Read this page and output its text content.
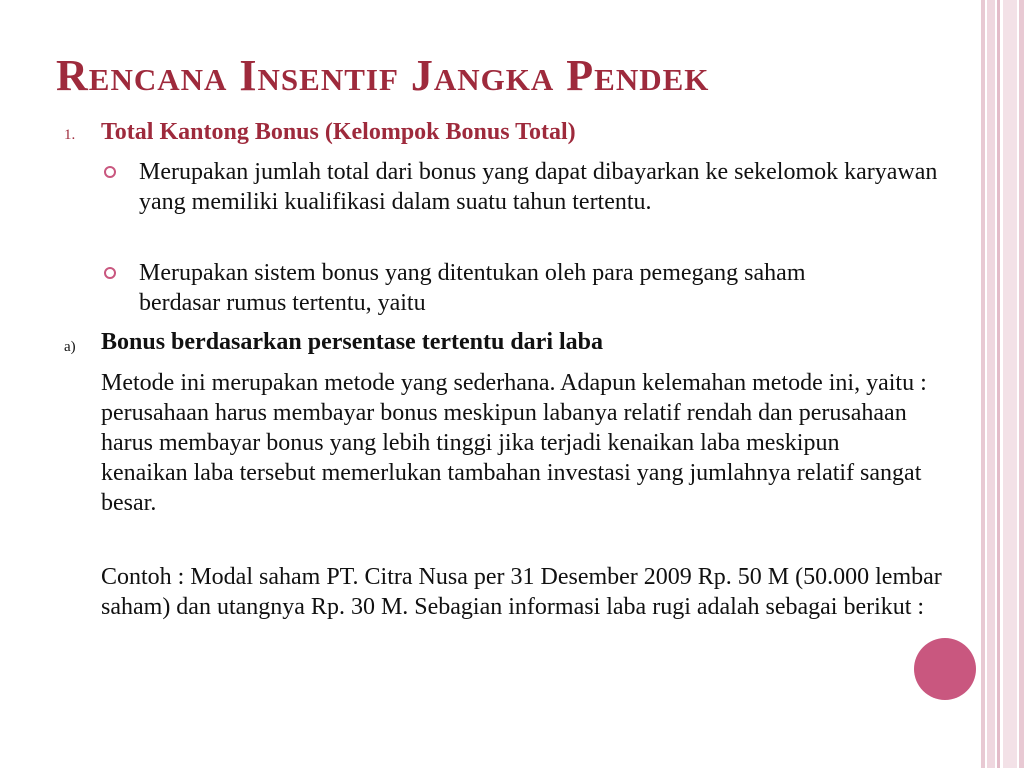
Rencana Insentif Jangka Pendek
1. Total Kantong Bonus (Kelompok Bonus Total)
Merupakan jumlah total dari bonus yang dapat dibayarkan ke sekelomok karyawan yang memiliki kualifikasi dalam suatu tahun tertentu.
Merupakan sistem bonus yang ditentukan oleh para pemegang saham berdasar rumus tertentu, yaitu
a) Bonus berdasarkan persentase tertentu dari laba
Metode ini merupakan metode yang sederhana. Adapun kelemahan metode ini, yaitu : perusahaan harus membayar bonus meskipun labanya relatif rendah dan perusahaan harus membayar bonus yang lebih tinggi jika terjadi kenaikan laba meskipun kenaikan laba tersebut memerlukan tambahan investasi yang jumlahnya relatif sangat besar.
Contoh : Modal saham PT. Citra Nusa per 31 Desember 2009 Rp. 50 M (50.000 lembar saham) dan utangnya Rp. 30 M. Sebagian informasi laba rugi adalah sebagai berikut :
